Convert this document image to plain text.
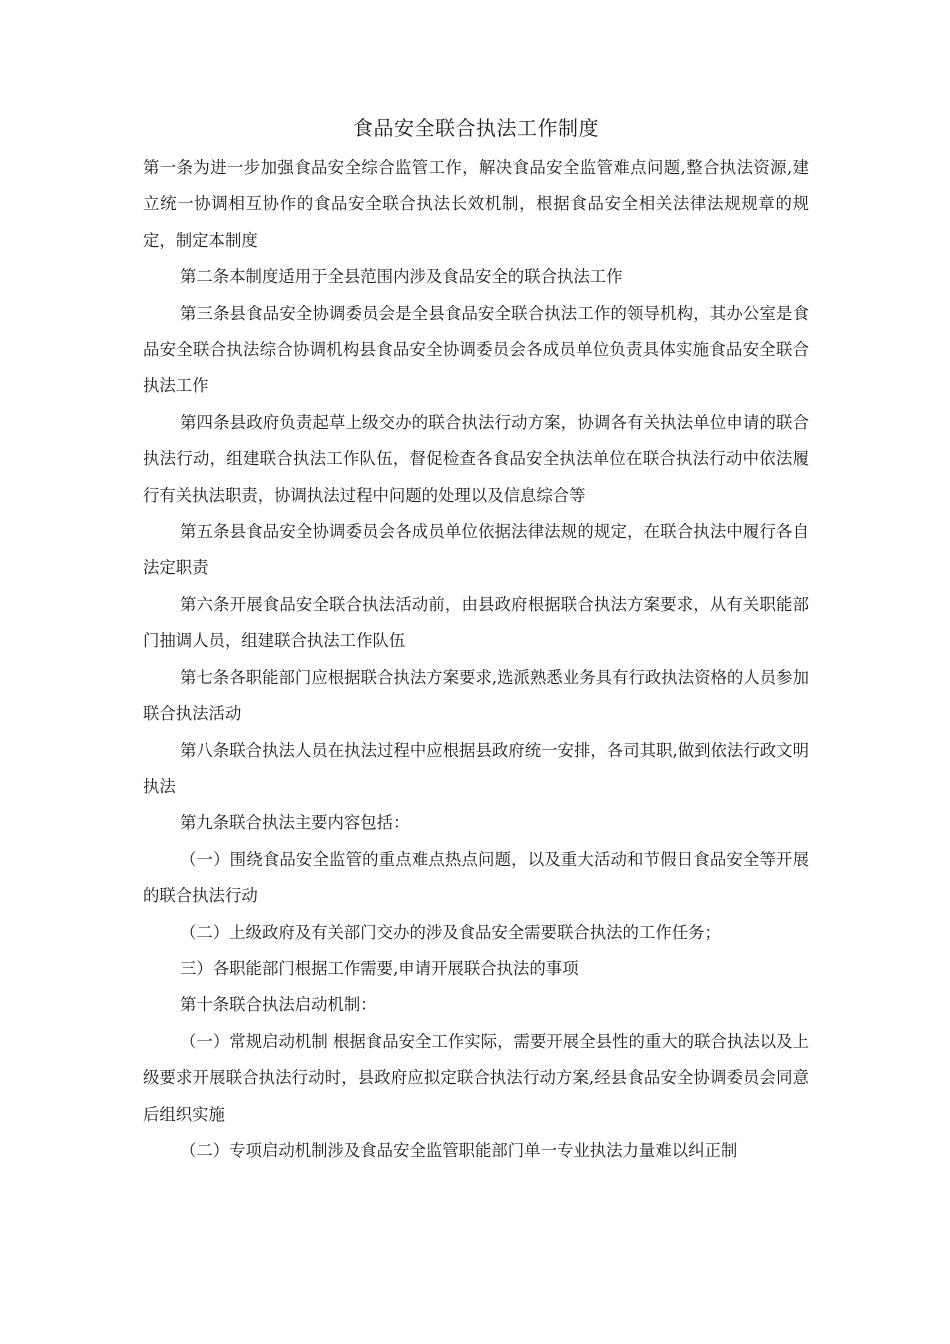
食品安全联合执法工作制度

第一条为进一步加强食品安全综合监管工作，解决食品安全监管难点问题,整合执法资源,建立统一协调相互协作的食品安全联合执法长效机制，根据食品安全相关法律法规规章的规定，制定本制度

第二条本制度适用于全县范围内涉及食品安全的联合执法工作

第三条县食品安全协调委员会是全县食品安全联合执法工作的领导机构，其办公室是食品安全联合执法综合协调机构县食品安全协调委员会各成员单位负责具体实施食品安全联合执法工作

第四条县政府负责起草上级交办的联合执法行动方案，协调各有关执法单位申请的联合执法行动，组建联合执法工作队伍，督促检查各食品安全执法单位在联合执法行动中依法履行有关执法职责，协调执法过程中问题的处理以及信息综合等

第五条县食品安全协调委员会各成员单位依据法律法规的规定，在联合执法中履行各自法定职责

第六条开展食品安全联合执法活动前，由县政府根据联合执法方案要求，从有关职能部门抽调人员，组建联合执法工作队伍

第七条各职能部门应根据联合执法方案要求,选派熟悉业务具有行政执法资格的人员参加联合执法活动

第八条联合执法人员在执法过程中应根据县政府统一安排，各司其职,做到依法行政文明执法

第九条联合执法主要内容包括：

（一）围绕食品安全监管的重点难点热点问题，以及重大活动和节假日食品安全等开展的联合执法行动

（二）上级政府及有关部门交办的涉及食品安全需要联合执法的工作任务；

三）各职能部门根据工作需要,申请开展联合执法的事项

第十条联合执法启动机制：

（一）常规启动机制 根据食品安全工作实际，需要开展全县性的重大的联合执法以及上级要求开展联合执法行动时，县政府应拟定联合执法行动方案,经县食品安全协调委员会同意后组织实施

（二）专项启动机制涉及食品安全监管职能部门单一专业执法力量难以纠正制
